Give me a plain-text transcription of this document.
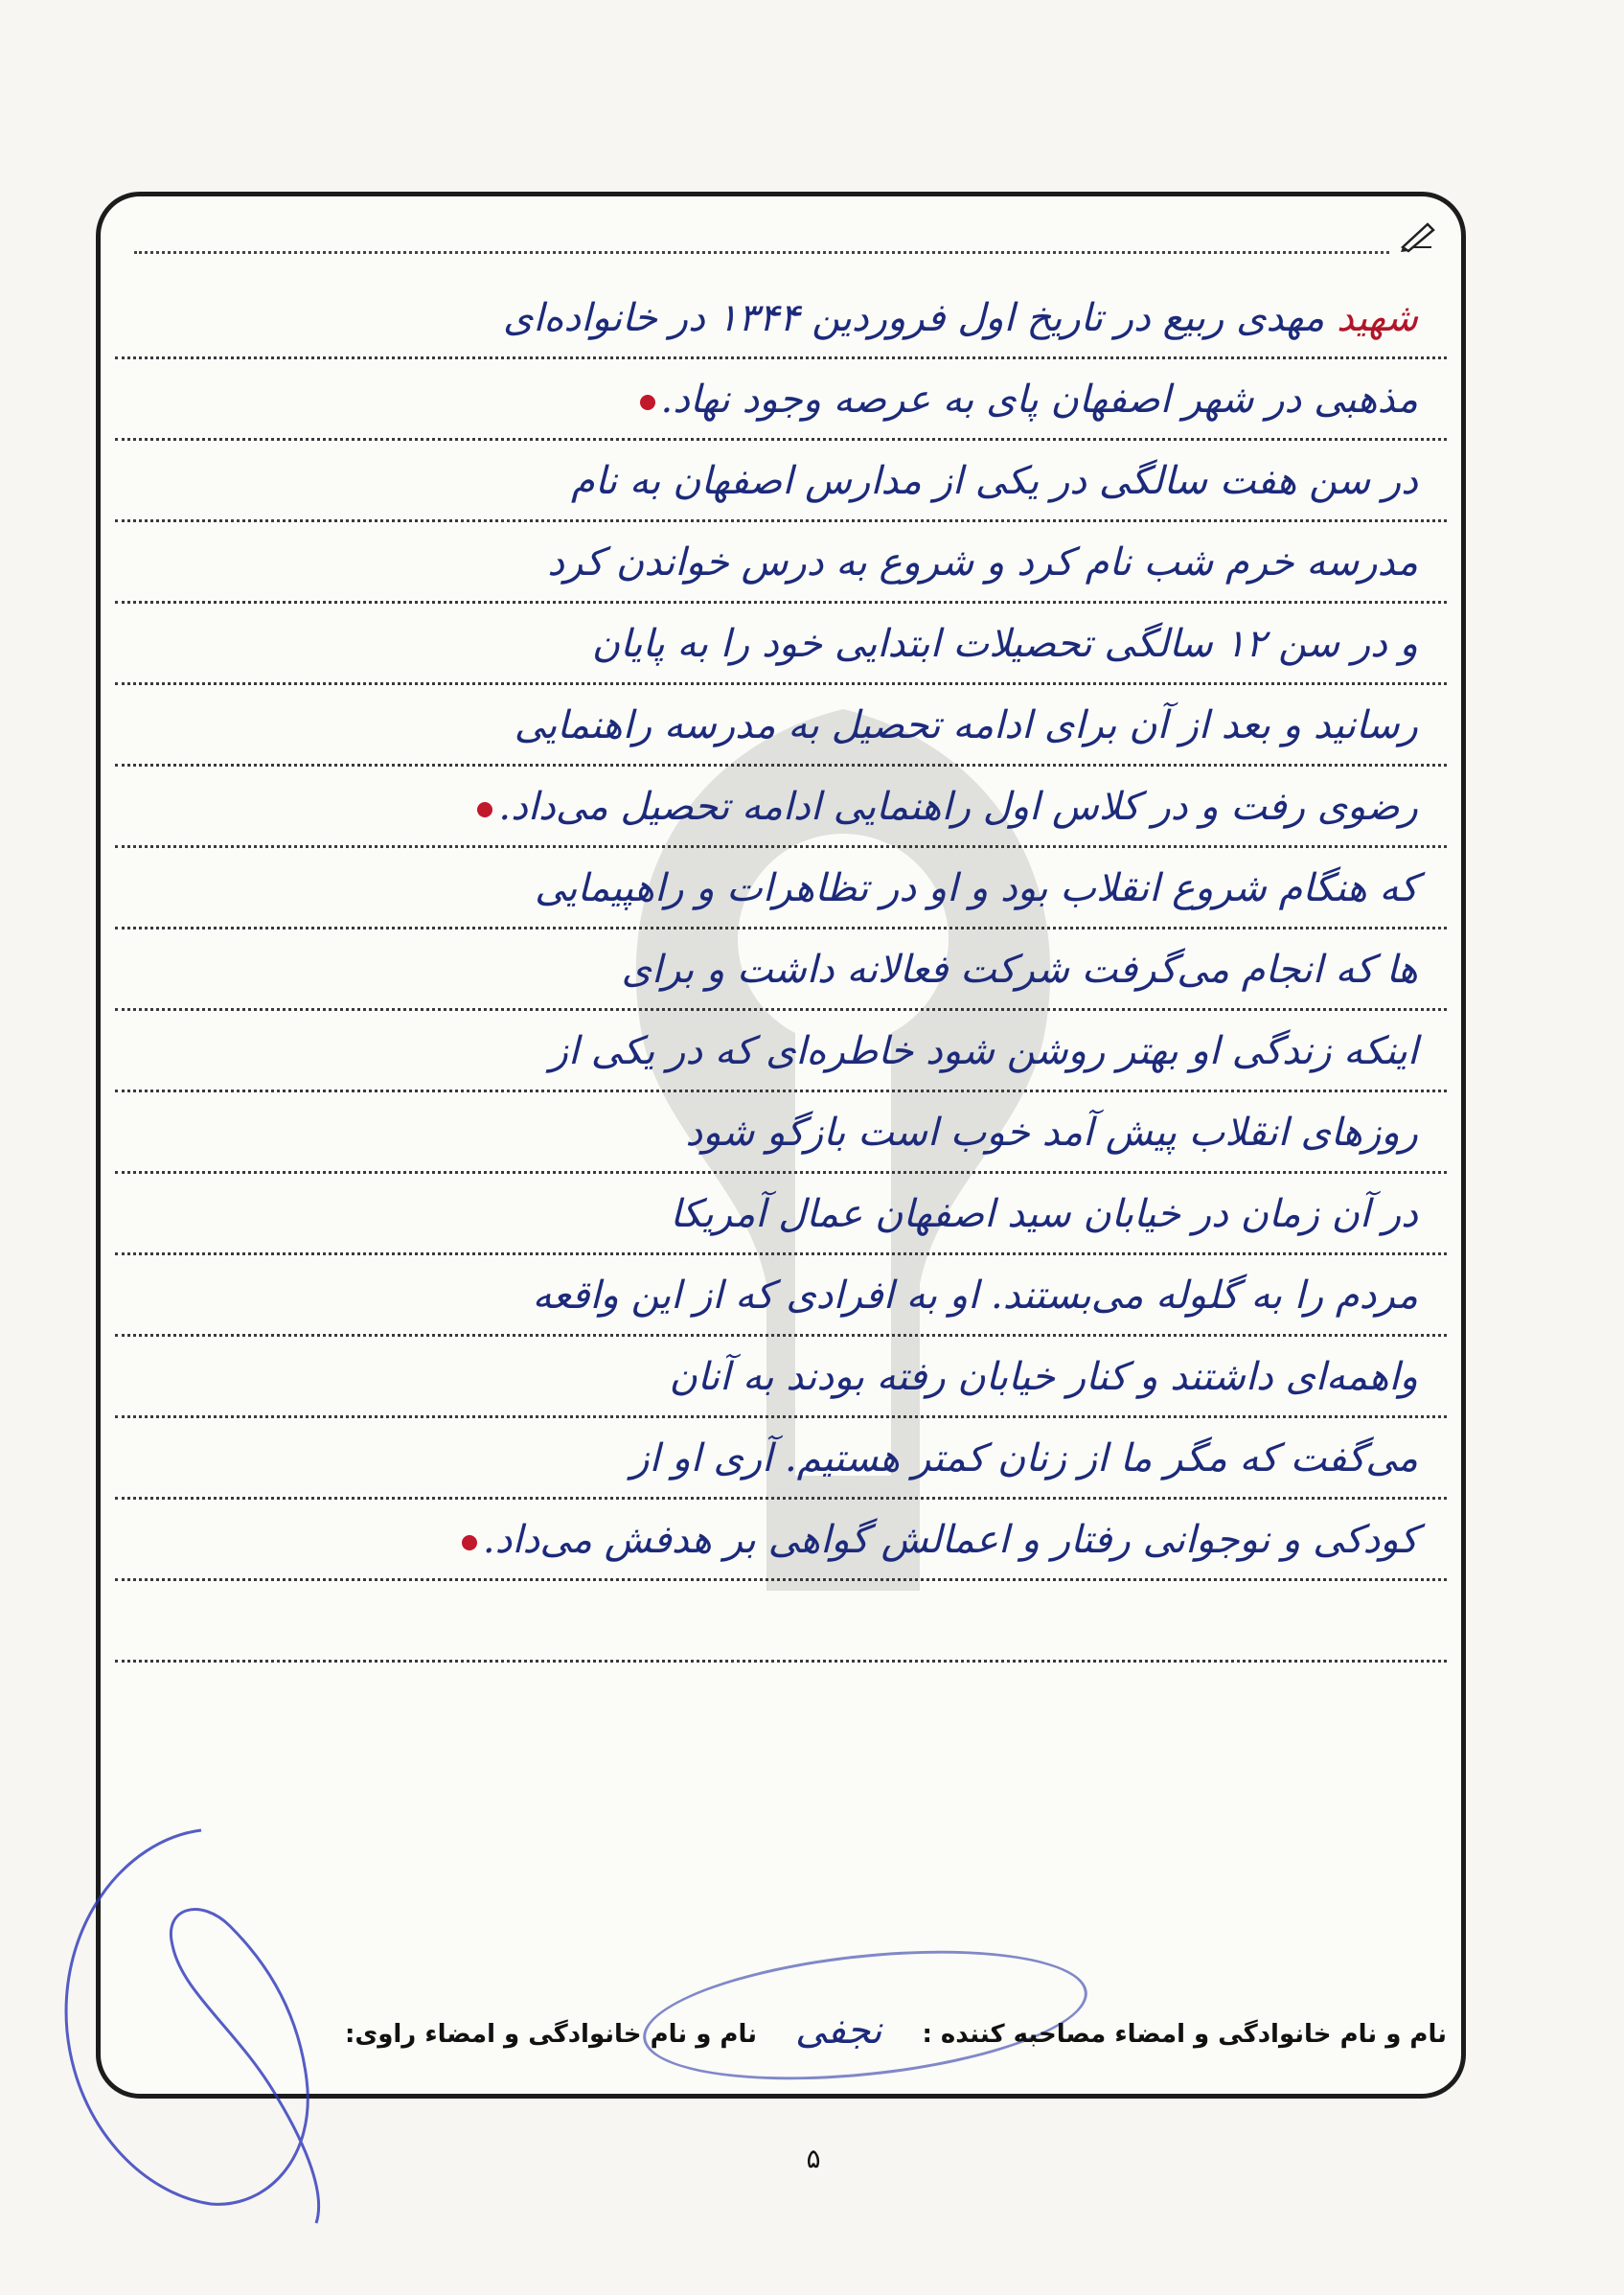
شهید مهدی ربیع در تاریخ اول فروردین ۱۳۴۴ در خانواده‌ای
مذهبی در شهر اصفهان پای به عرصه وجود نهاد.
در سن هفت سالگی در یکی از مدارس اصفهان به نام
مدرسه خرم شب نام کرد و شروع به درس خواندن کرد
و در سن ۱۲ سالگی تحصیلات ابتدایی خود را به پایان
رسانید و بعد از آن برای ادامه تحصیل به مدرسه راهنمایی
رضوی رفت و در کلاس اول راهنمایی ادامه تحصیل می‌داد.
که هنگام شروع انقلاب بود و او در تظاهرات و راهپیمایی‌
ها که انجام می‌گرفت شرکت فعالانه داشت و برای
اینکه زندگی او بهتر روشن شود خاطره‌ای که در یکی از
روزهای انقلاب پیش آمد خوب است بازگو شود
در آن زمان در خیابان سید اصفهان عمال آمریکا
مردم را به گلوله می‌بستند. او به افرادی که از این واقعه
واهمه‌ای داشتند و کنار خیابان رفته بودند به آنان
می‌گفت که مگر ما از زنان کمتر هستیم. آری او از
کودکی و نوجوانی رفتار و اعمالش گواهی بر هدفش می‌داد.
نجفی نام و نام خانوادگی و امضاء مصاحبه کننده :
نام و نام خانوادگی و امضاء راوی:
۵
